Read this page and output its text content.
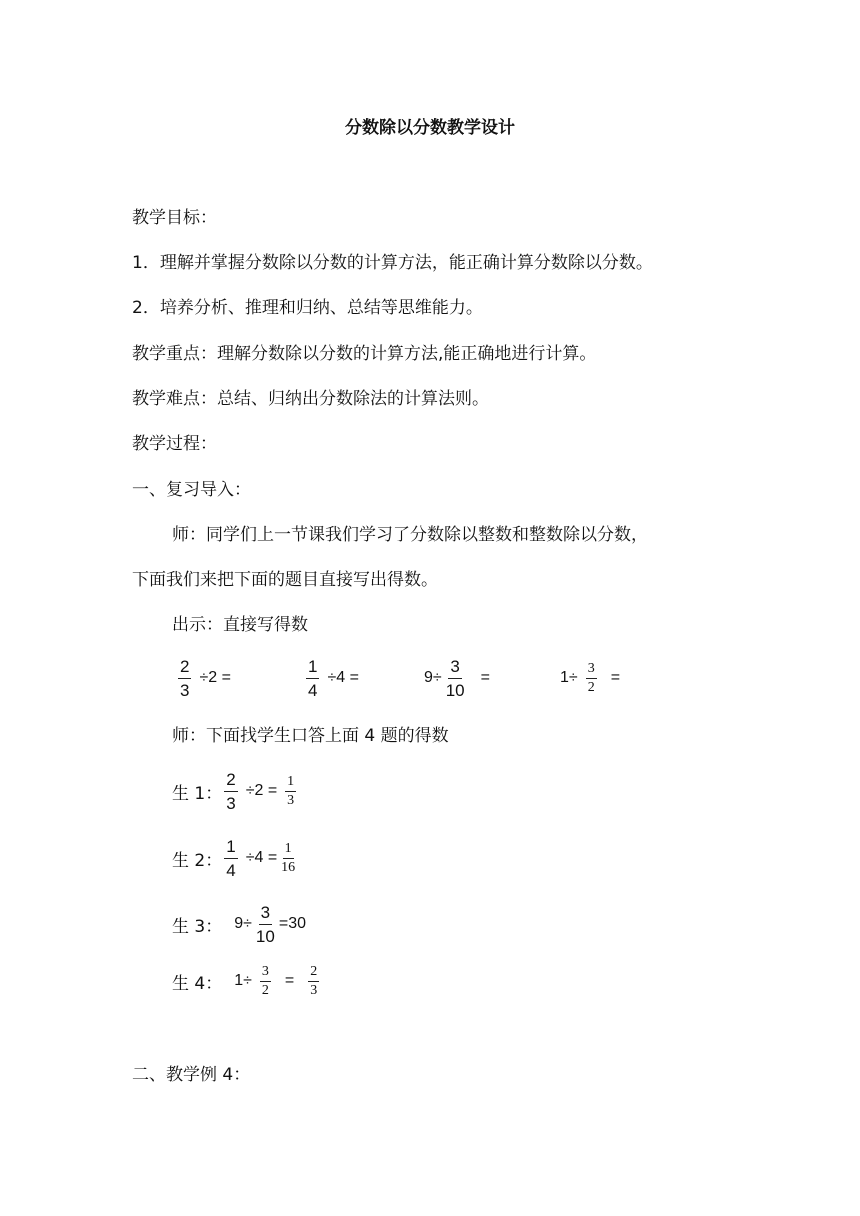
分数除以分数教学设计
教学目标：
1．理解并掌握分数除以分数的计算方法，能正确计算分数除以分数。
2．培养分析、推理和归纳、总结等思维能力。
教学重点：理解分数除以分数的计算方法,能正确地进行计算。
教学难点：总结、归纳出分数除法的计算法则。
教学过程：
一、复习导入：
师：同学们上一节课我们学习了分数除以整数和整数除以分数，
下面我们来把下面的题目直接写出得数。
出示：直接写得数
$\frac{2}{3} \div 2$ =	$\frac{1}{4} \div 4$ =	$9\div \frac{3}{10}$ =	$1\div \frac{3}{2}$ =
师：下面找学生口答上面 4 题的得数
生 1： $\frac{2}{3} \div 2 = \frac{1}{3}$
生 2： $\frac{1}{4} \div 4 = \frac{1}{16}$
生 3： $9\div \frac{3}{10} =30$
生 4： $1\div \frac{3}{2} = \frac{2}{3}$
二、教学例 4：
